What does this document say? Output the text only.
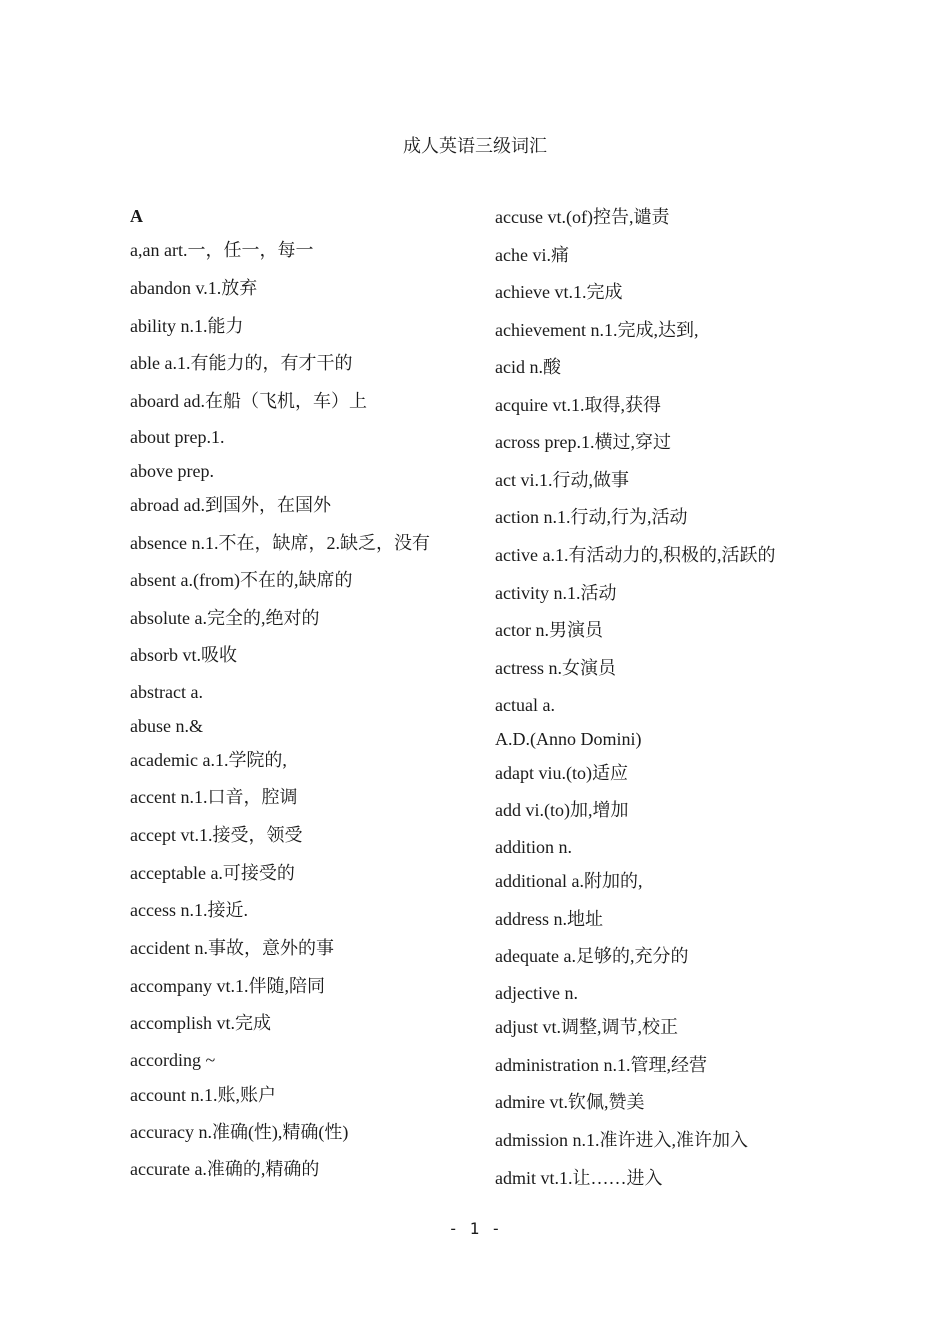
成人英语三级词汇
A
a,an art.一，任一，每一
abandon v.1.放弃
ability n.1.能力
able a.1.有能力的，有才干的
aboard ad.在船（飞机，车）上
about prep.1.
above prep.
abroad ad.到国外，在国外
absence n.1.不在，缺席，2.缺乏，没有
absent a.(from)不在的,缺席的
absolute a.完全的,绝对的
absorb vt.吸收
abstract a.
abuse n.&
academic a.1.学院的,
accent n.1.口音，腔调
accept vt.1.接受，领受
acceptable a.可接受的
access n.1.接近.
accident n.事故，意外的事
accompany vt.1.伴随,陪同
accomplish vt.完成
according ~
account n.1.账,账户
accuracy n.准确(性),精确(性)
accurate a.准确的,精确的
accuse vt.(of)控告,谴责
ache vi.痛
achieve vt.1.完成
achievement n.1.完成,达到,
acid n.酸
acquire vt.1.取得,获得
across prep.1.横过,穿过
act vi.1.行动,做事
action n.1.行动,行为,活动
active a.1.有活动力的,积极的,活跃的
activity n.1.活动
actor n.男演员
actress n.女演员
actual a.
A.D.(Anno Domini)
adapt viu.(to)适应
add vi.(to)加,增加
addition n.
additional a.附加的,
address n.地址
adequate a.足够的,充分的
adjective n.
adjust vt.调整,调节,校正
administration n.1.管理,经营
admire vt.钦佩,赞美
admission n.1.准许进入,准许加入
admit vt.1.让……进入
- 1 -
